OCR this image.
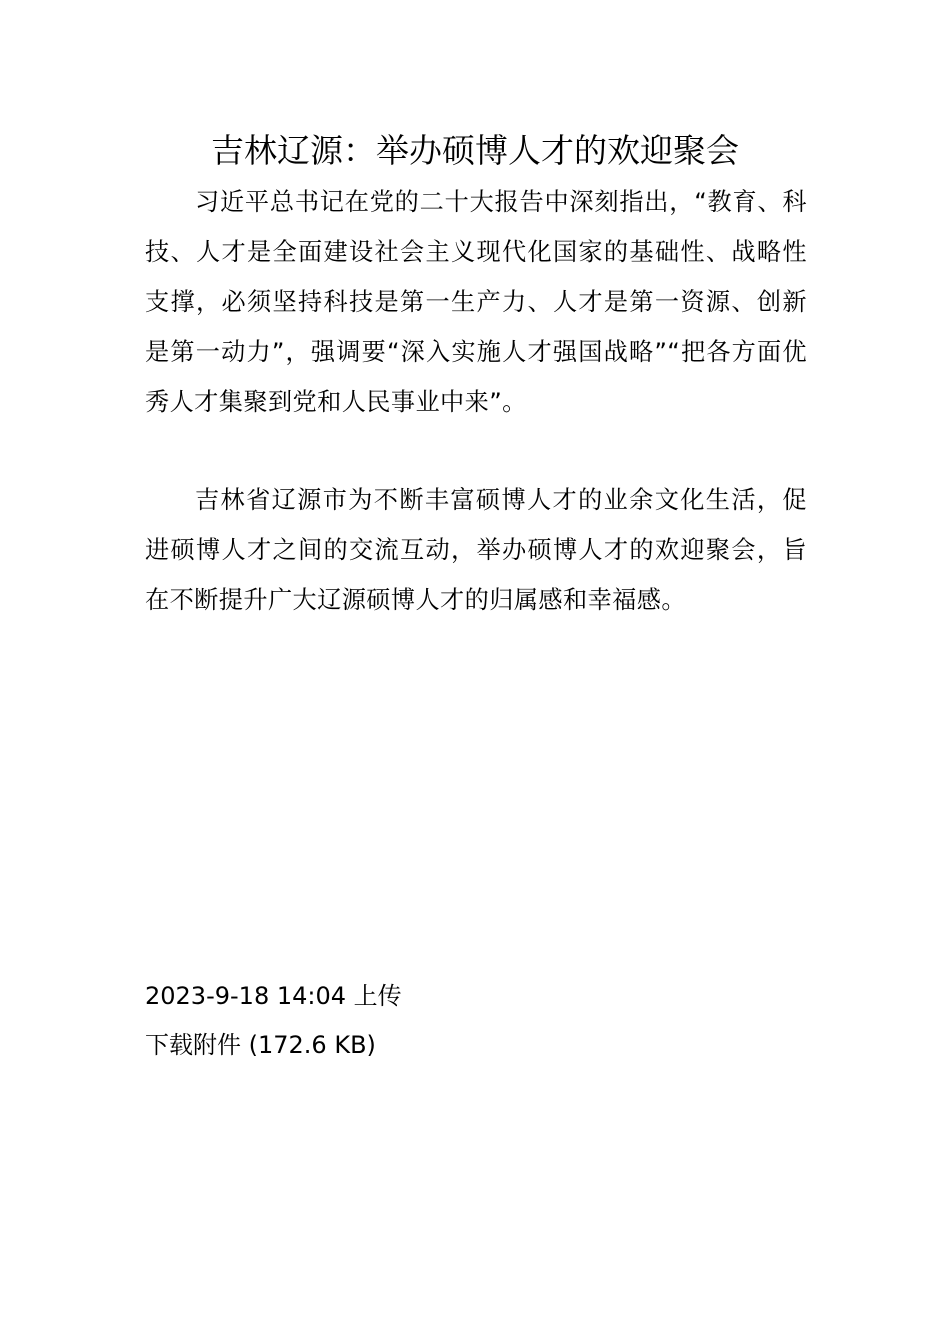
吉林辽源：举办硕博人才的欢迎聚会

习近平总书记在党的二十大报告中深刻指出，“教育、科技、人才是全面建设社会主义现代化国家的基础性、战略性支撑，必须坚持科技是第一生产力、人才是第一资源、创新是第一动力”，强调要“深入实施人才强国战略”“把各方面优秀人才集聚到党和人民事业中来”。

吉林省辽源市为不断丰富硕博人才的业余文化生活，促进硕博人才之间的交流互动，举办硕博人才的欢迎聚会，旨在不断提升广大辽源硕博人才的归属感和幸福感。

2023-9-18 14:04 上传
下载附件 (172.6 KB)
